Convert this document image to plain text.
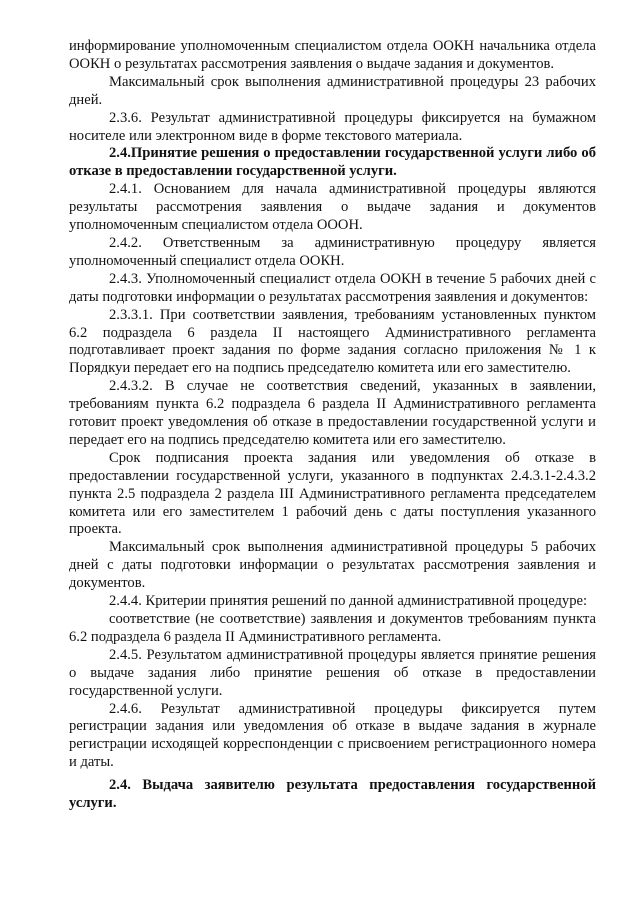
информирование уполномоченным специалистом отдела ООКН начальника отдела ООКН о результатах рассмотрения заявления о выдаче задания и документов.

Максимальный срок выполнения административной процедуры 23 рабочих дней.

2.3.6. Результат административной процедуры фиксируется на бумажном носителе или электронном виде в форме текстового материала.

2.4.Принятие решения о предоставлении государственной услуги либо об отказе в предоставлении государственной услуги.

2.4.1. Основанием для начала административной процедуры являются результаты рассмотрения заявления о выдаче задания и документов уполномоченным специалистом отдела ОООН.

2.4.2. Ответственным за административную процедуру является уполномоченный специалист отдела ООКН.

2.4.3. Уполномоченный специалист отдела ООКН в течение 5 рабочих дней с даты подготовки информации о результатах рассмотрения заявления и документов:

2.3.3.1. При соответствии заявления, требованиям установленных пунктом 6.2 подраздела 6 раздела II настоящего Административного регламента подготавливает проект задания по форме задания согласно приложения № 1 к Порядкуи передает его на подпись председателю комитета или его заместителю.

2.4.3.2. В случае не соответствия сведений, указанных в заявлении, требованиям пункта 6.2 подраздела 6 раздела II Административного регламента готовит проект уведомления об отказе в предоставлении государственной услуги и передает его на подпись председателю комитета или его заместителю.

Срок подписания проекта задания или уведомления об отказе в предоставлении государственной услуги, указанного в подпунктах 2.4.3.1-2.4.3.2 пункта 2.5 подраздела 2 раздела III Административного регламента председателем комитета или его заместителем 1 рабочий день с даты поступления указанного проекта.

Максимальный срок выполнения административной процедуры 5 рабочих дней с даты подготовки информации о результатах рассмотрения заявления и документов.

2.4.4. Критерии принятия решений по данной административной процедуре:

соответствие (не соответствие) заявления и документов требованиям пункта 6.2 подраздела 6 раздела II Административного регламента.

2.4.5. Результатом административной процедуры является принятие решения о выдаче задания либо принятие решения об отказе в предоставлении государственной услуги.

2.4.6. Результат административной процедуры фиксируется путем регистрации задания или уведомления об отказе в выдаче задания в журнале регистрации исходящей корреспонденции с присвоением регистрационного номера и даты.

2.4. Выдача заявителю результата предоставления государственной услуги.
